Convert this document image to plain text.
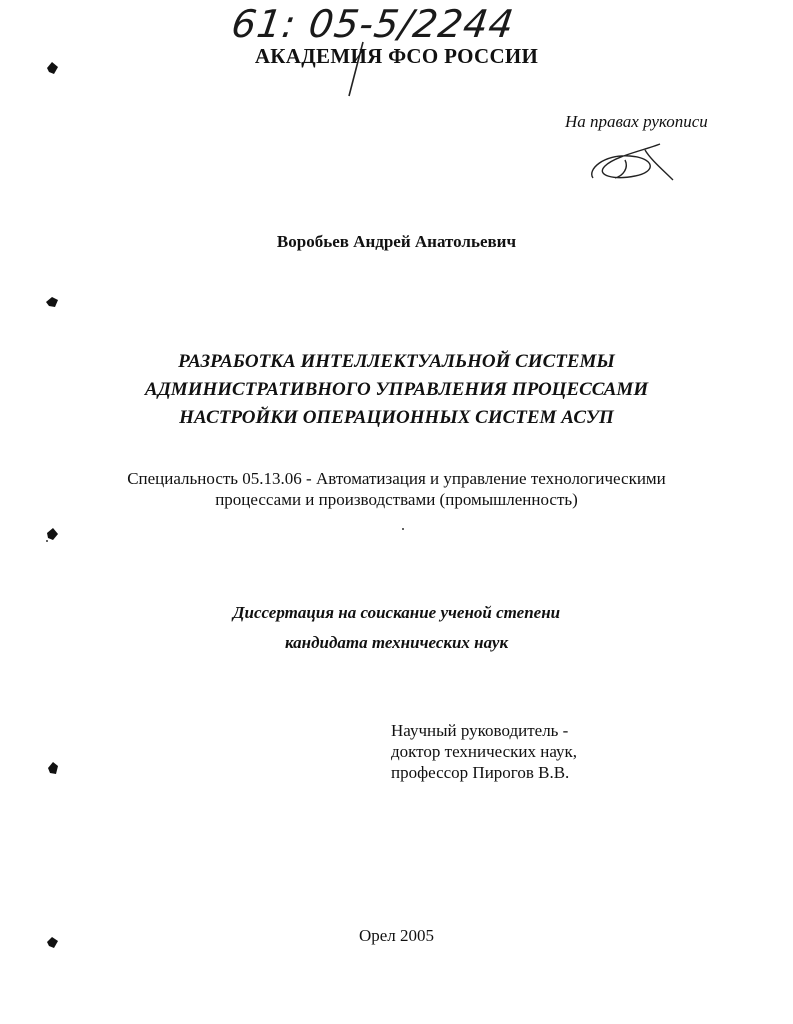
61: 05-5/2244
АКАДЕМИЯ ФСО РОССИИ
На правах рукописи
Воробьев Андрей Анатольевич
РАЗРАБОТКА ИНТЕЛЛЕКТУАЛЬНОЙ СИСТЕМЫ
АДМИНИСТРАТИВНОГО УПРАВЛЕНИЯ ПРОЦЕССАМИ
НАСТРОЙКИ ОПЕРАЦИОННЫХ СИСТЕМ АСУП
Специальность 05.13.06 - Автоматизация и управление технологическими
процессами и производствами (промышленность)
Диссертация на соискание ученой степени
кандидата технических наук
Научный руководитель -
доктор технических наук,
профессор Пирогов В.В.
Орел 2005
